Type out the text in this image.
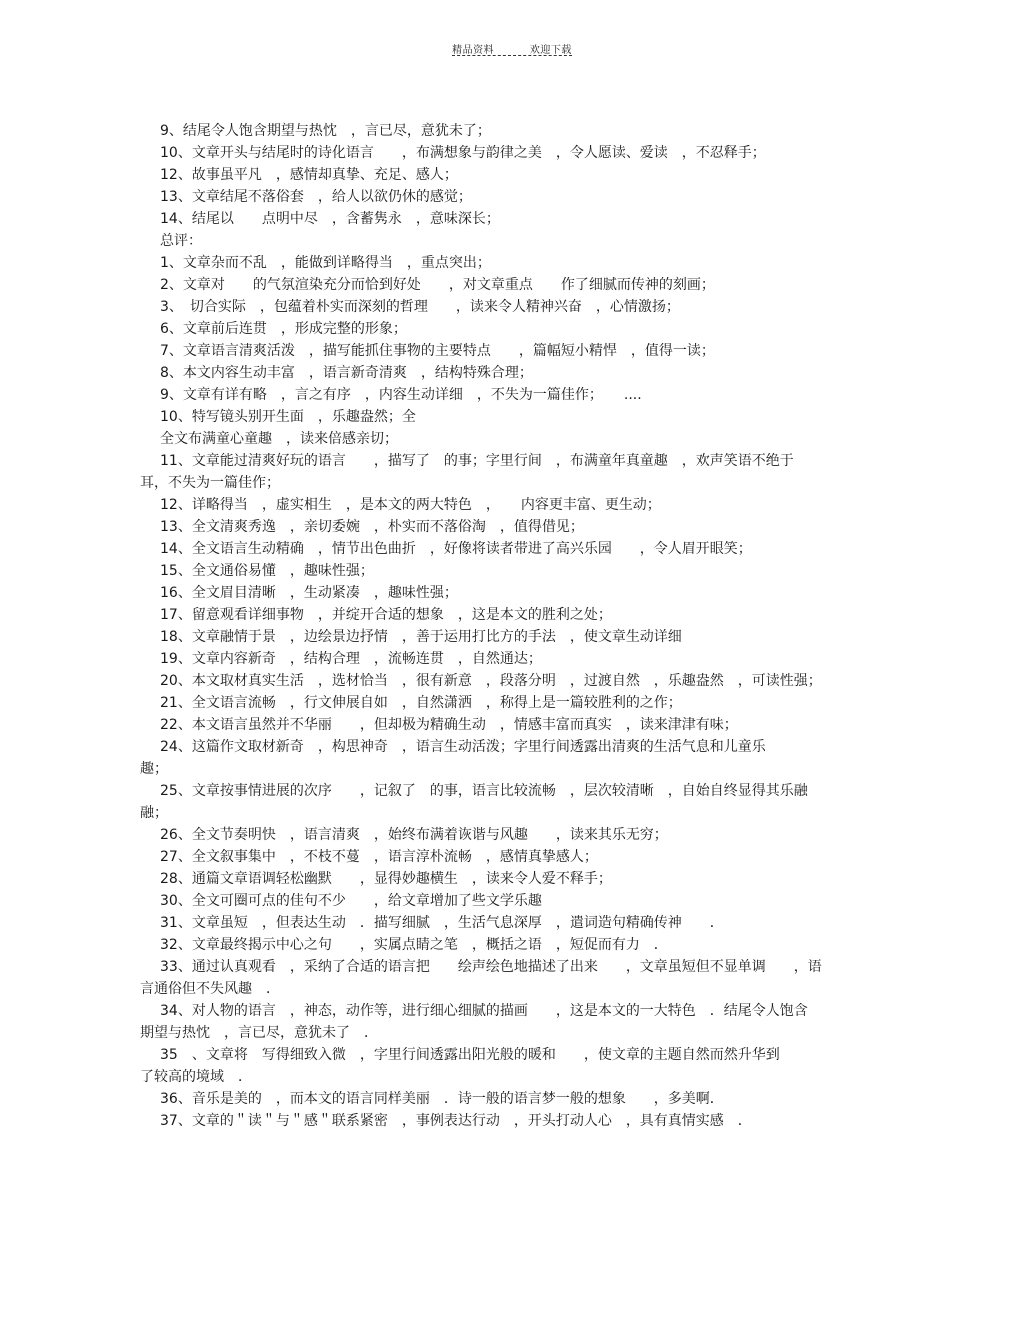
精品资料	欢迎下载
9、结尾令人饱含期望与热忱　，言已尽，意犹未了；
10、文章开头与结尾时的诗化语言　　，布满想象与韵律之美　，令人愿读、爱读　，不忍释手；
12、故事虽平凡　，感情却真挚、充足、感人；
13、文章结尾不落俗套　，给人以欲仍休的感觉；
14、结尾以　　点明中尽　，含蓄隽永　，意味深长；
总评：
1、文章杂而不乱　，能做到详略得当　，重点突出；
2、文章对　　的气氛渲染充分而恰到好处　　，对文章重点　　作了细腻而传神的刻画；
3、　切合实际　，包蕴着朴实而深刻的哲理　　，读来令人精神兴奋　，心情激扬；
6、文章前后连贯　，形成完整的形象；
7、文章语言清爽活泼　，描写能抓住事物的主要特点　　，篇幅短小精悍　，值得一读；
8、本文内容生动丰富　，语言新奇清爽　，结构特殊合理；
9、文章有详有略　，言之有序　，内容生动详细　，不失为一篇佳作；　　....
10、特写镜头别开生面　，乐趣盎然；全
全文布满童心童趣　，读来倍感亲切；
11、文章能过清爽好玩的语言　　，描写了　的事；字里行间　，布满童年真童趣　，欢声笑语不绝于
耳，不失为一篇佳作；
12、详略得当　，虚实相生　，是本文的两大特色　，　　内容更丰富、更生动；
13、全文清爽秀逸　，亲切委婉　，朴实而不落俗淘　，值得借见；
14、全文语言生动精确　，情节出色曲折　，好像将读者带进了高兴乐园　　，令人眉开眼笑；
15、全文通俗易懂　，趣味性强；
16、全文眉目清晰　，生动紧凑　，趣味性强；
17、留意观看详细事物　，并绽开合适的想象　，这是本文的胜利之处；
18、文章融情于景　，边绘景边抒情　，善于运用打比方的手法　，使文章生动详细
19、文章内容新奇　，结构合理　，流畅连贯　，自然通达；
20、本文取材真实生活　，选材恰当　，很有新意　，段落分明　，过渡自然　，乐趣盎然　，可读性强；
21、全文语言流畅　，行文伸展自如　，自然潇洒　，称得上是一篇较胜利的之作；
22、本文语言虽然并不华丽　　，但却极为精确生动　，情感丰富而真实　，读来津津有味；
24、这篇作文取材新奇　，构思神奇　，语言生动活泼；字里行间透露出清爽的生活气息和儿童乐
趣；
25、文章按事情进展的次序　　，记叙了　的事，语言比较流畅　，层次较清晰　，自始自终显得其乐融
融；
26、全文节奏明快　，语言清爽　，始终布满着诙谐与风趣　　，读来其乐无穷；
27、全文叙事集中　，不枝不蔓　，语言淳朴流畅　，感情真挚感人；
28、通篇文章语调轻松幽默　　，显得妙趣横生　，读来令人爱不释手；
30、全文可圈可点的佳句不少　　，给文章增加了些文学乐趣
31、文章虽短　，但表达生动　．描写细腻　，生活气息深厚　，遣词造句精确传神　　．
32、文章最终揭示中心之句　　，实属点睛之笔　，概括之语　，短促而有力　．
33、通过认真观看　，采纳了合适的语言把　　绘声绘色地描述了出来　　，文章虽短但不显单调　　，语
言通俗但不失风趣　．
34、对人物的语言　，神态，动作等，进行细心细腻的描画　　，这是本文的一大特色　．结尾令人饱含
期望与热忱　，言已尽，意犹未了　．
35　、文章将　写得细致入微　，字里行间透露出阳光般的暖和　　，使文章的主题自然而然升华到
了较高的境域　．
36、音乐是美的　，而本文的语言同样美丽　．诗一般的语言梦一般的想象　　，多美啊．
37、文章的＂读＂与＂感＂联系紧密　，事例表达行动　，开头打动人心　，具有真情实感　．
